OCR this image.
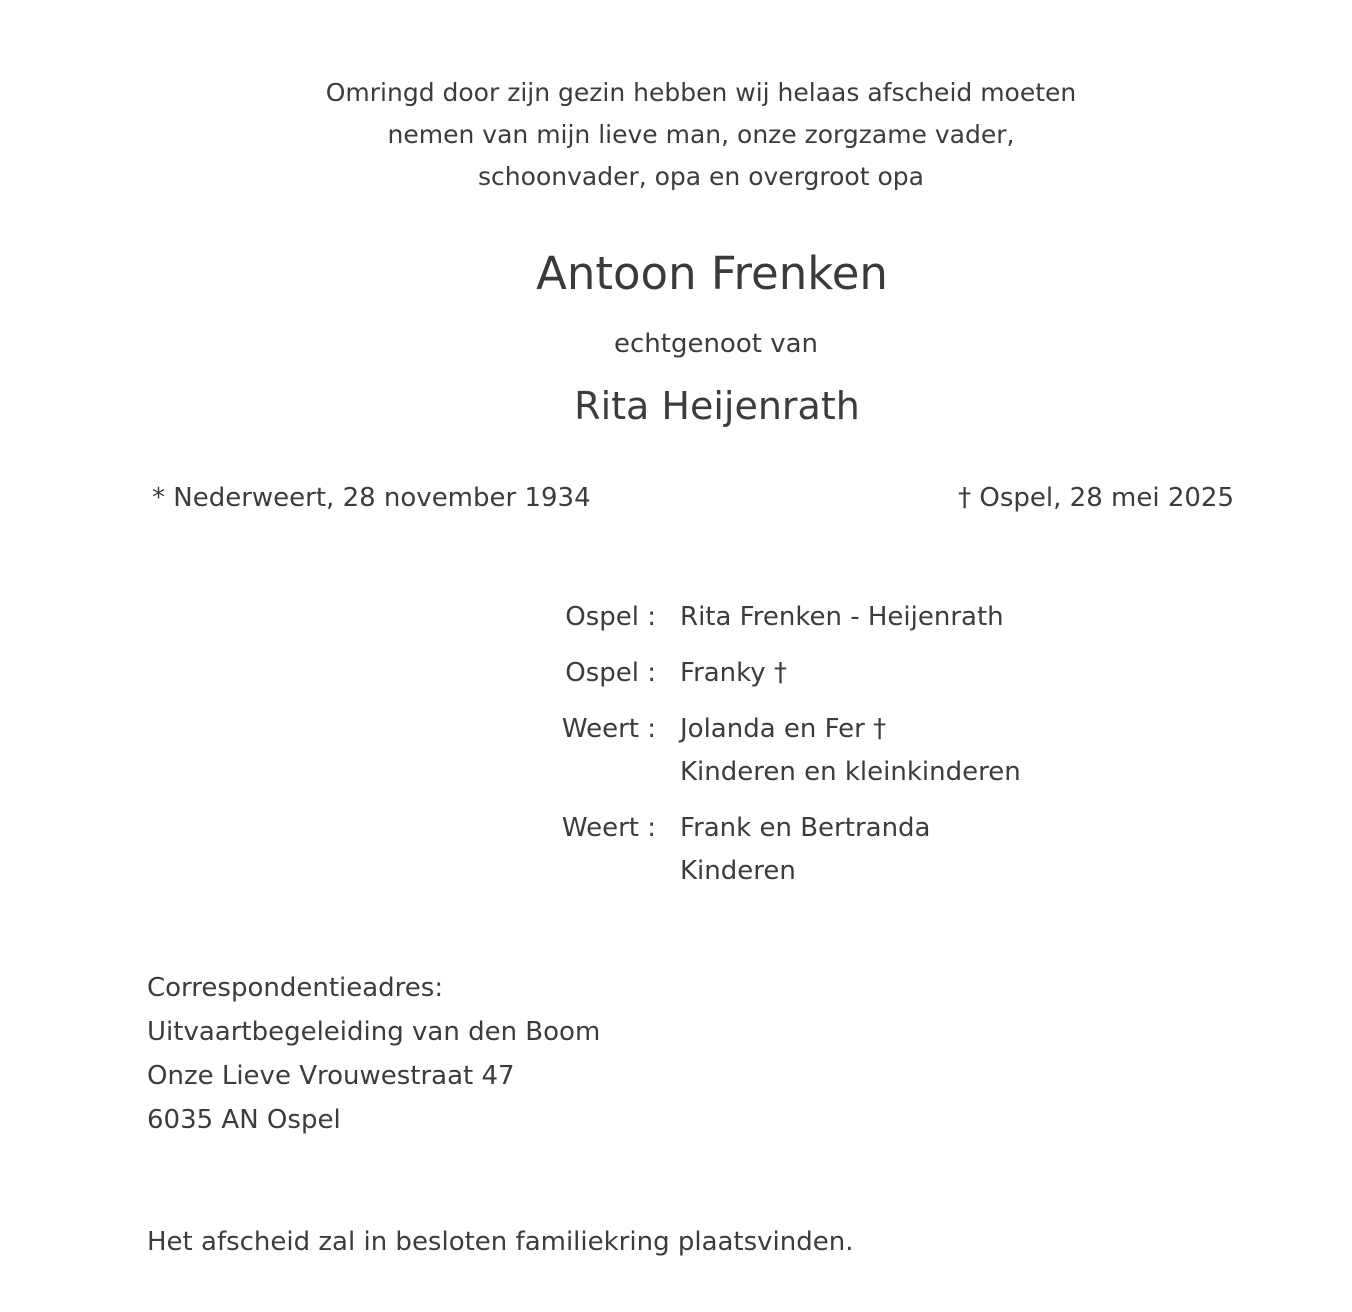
Omringd door zijn gezin hebben wij helaas afscheid moeten
nemen van mijn lieve man, onze zorgzame vader,
schoonvader, opa en overgroot opa
Antoon Frenken
echtgenoot van
Rita Heijenrath
* Nederweert, 28 november 1934	† Ospel, 28 mei 2025
Ospel : Rita Frenken - Heijenrath
Ospel : Franky †
Weert : Jolanda en Fer †
Kinderen en kleinkinderen
Weert : Frank en Bertranda
Kinderen
Correspondentieadres:
Uitvaartbegeleiding van den Boom
Onze Lieve Vrouwestraat 47
6035 AN Ospel
Het afscheid zal in besloten familiekring plaatsvinden.
